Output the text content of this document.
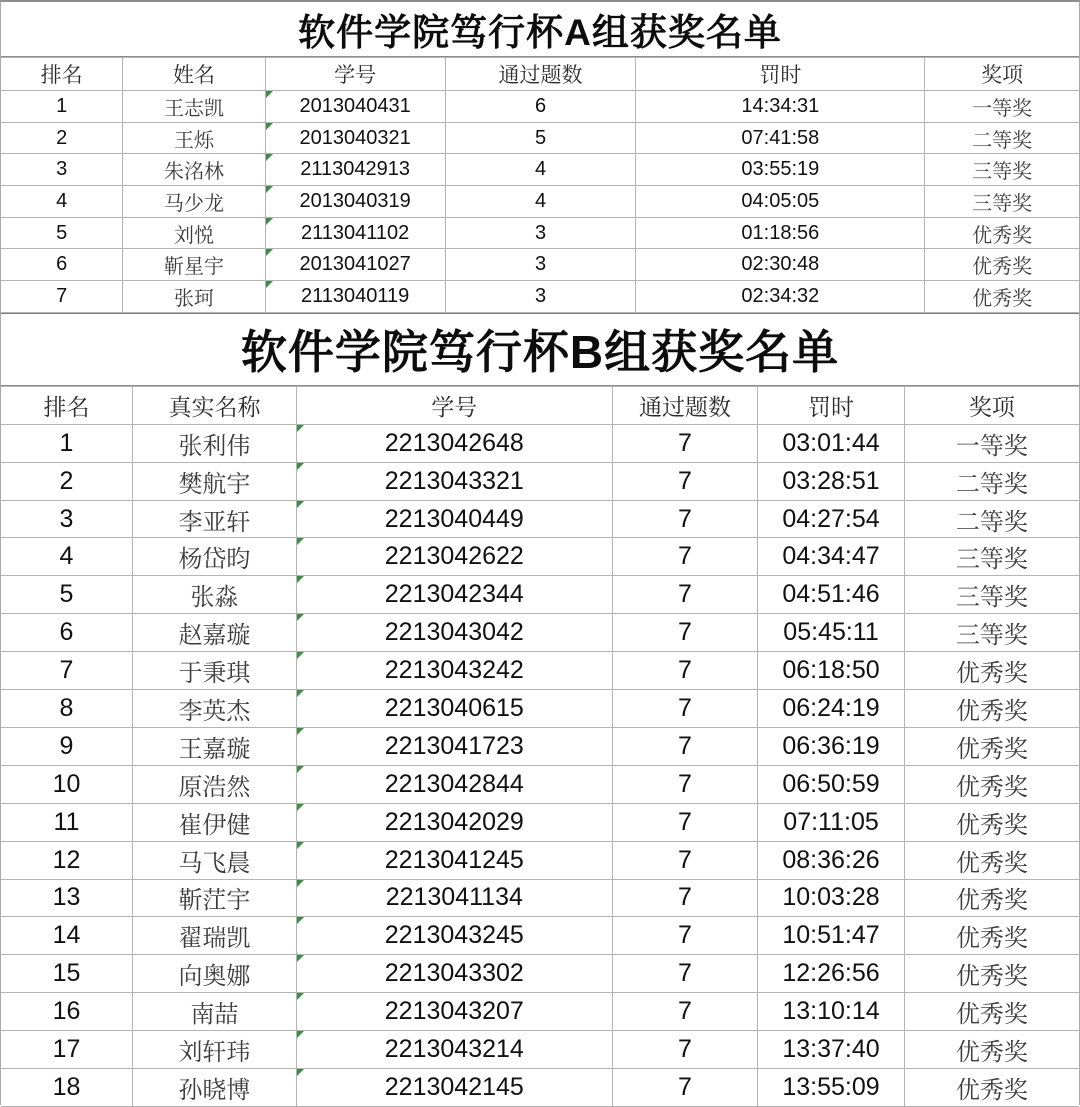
软件学院笃行杯A组获奖名单
排名	姓名	学号	通过题数	罚时	奖项
1	王志凯	2013040431	6	14:34:31	一等奖
2	王烁	2013040321	5	07:41:58	二等奖
3	朱洺林	2113042913	4	03:55:19	三等奖
4	马少龙	2013040319	4	04:05:05	三等奖
5	刘悦	2113041102	3	01:18:56	优秀奖
6	靳星宇	2013041027	3	02:30:48	优秀奖
7	张珂	2113040119	3	02:34:32	优秀奖
软件学院笃行杯B组获奖名单
排名	真实名称	学号	通过题数	罚时	奖项
1	张利伟	2213042648	7	03:01:44	一等奖
2	樊航宇	2213043321	7	03:28:51	二等奖
3	李亚轩	2213040449	7	04:27:54	二等奖
4	杨岱昀	2213042622	7	04:34:47	三等奖
5	张淼	2213042344	7	04:51:46	三等奖
6	赵嘉璇	2213043042	7	05:45:11	三等奖
7	于秉琪	2213043242	7	06:18:50	优秀奖
8	李英杰	2213040615	7	06:24:19	优秀奖
9	王嘉璇	2213041723	7	06:36:19	优秀奖
10	原浩然	2213042844	7	06:50:59	优秀奖
11	崔伊健	2213042029	7	07:11:05	优秀奖
12	马飞晨	2213041245	7	08:36:26	优秀奖
13	靳茳宇	2213041134	7	10:03:28	优秀奖
14	翟瑞凯	2213043245	7	10:51:47	优秀奖
15	向奥娜	2213043302	7	12:26:56	优秀奖
16	南喆	2213043207	7	13:10:14	优秀奖
17	刘轩玮	2213043214	7	13:37:40	优秀奖
18	孙晓博	2213042145	7	13:55:09	优秀奖
